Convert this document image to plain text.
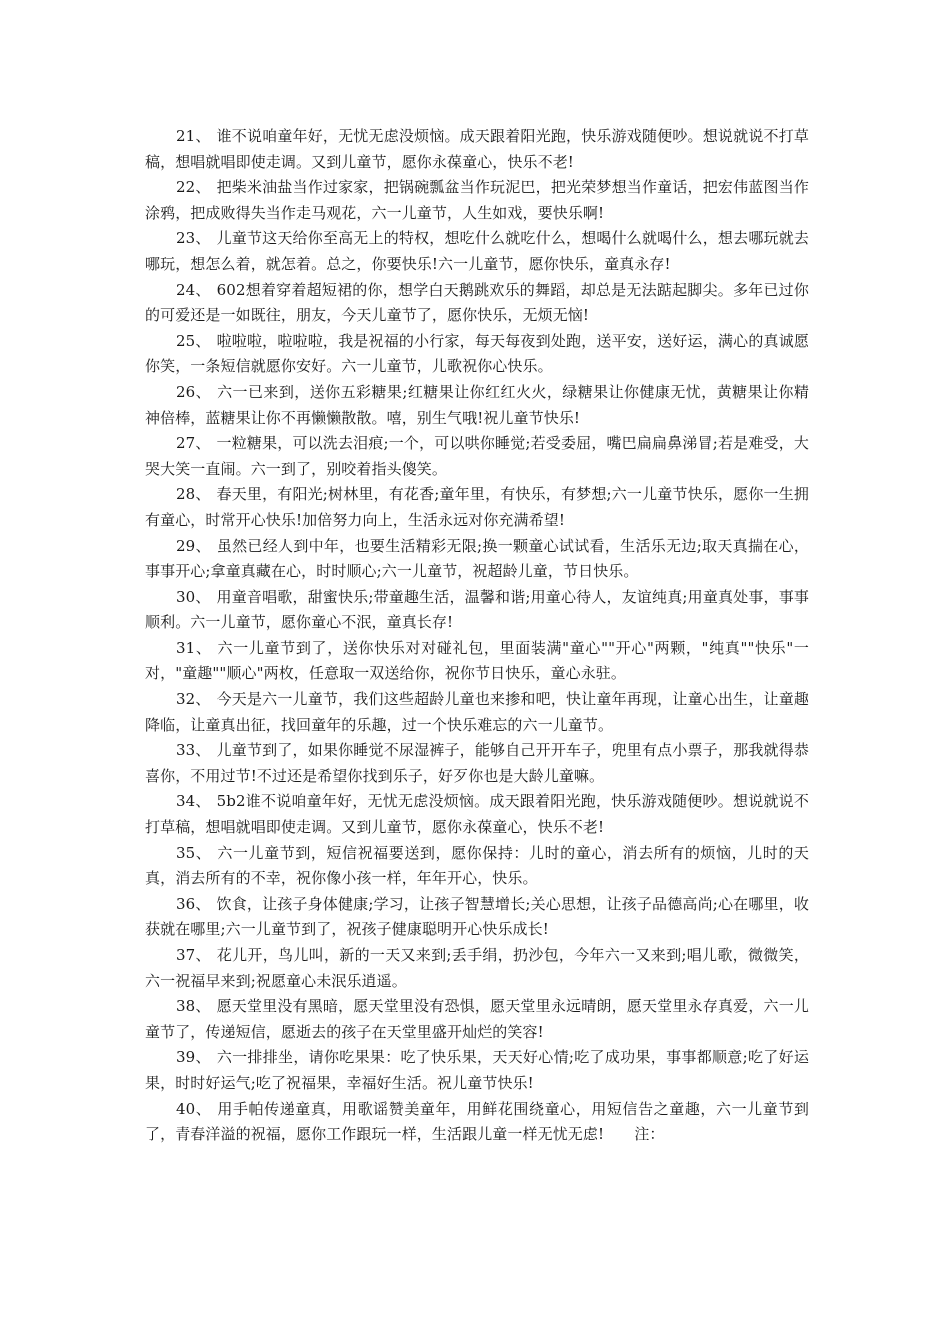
21、 谁不说咱童年好，无忧无虑没烦恼。成天跟着阳光跑，快乐游戏随便吵。想说就说不打草稿，想唱就唱即使走调。又到儿童节，愿你永葆童心，快乐不老!

22、 把柴米油盐当作过家家，把锅碗瓢盆当作玩泥巴，把光荣梦想当作童话，把宏伟蓝图当作涂鸦，把成败得失当作走马观花，六一儿童节，人生如戏，要快乐啊!

23、 儿童节这天给你至高无上的特权，想吃什么就吃什么，想喝什么就喝什么，想去哪玩就去哪玩，想怎么着，就怎着。总之，你要快乐!六一儿童节，愿你快乐，童真永存!

24、 602想着穿着超短裙的你，想学白天鹅跳欢乐的舞蹈，却总是无法踮起脚尖。多年已过你的可爱还是一如既往，朋友，今天儿童节了，愿你快乐，无烦无恼!

25、 啦啦啦，啦啦啦，我是祝福的小行家，每天每夜到处跑，送平安，送好运，满心的真诚愿你笑，一条短信就愿你安好。六一儿童节，儿歌祝你心快乐。

26、 六一已来到，送你五彩糖果;红糖果让你红红火火，绿糖果让你健康无忧，黄糖果让你精神倍棒，蓝糖果让你不再懒懒散散。嘻，别生气哦!祝儿童节快乐!

27、 一粒糖果，可以洗去泪痕;一个，可以哄你睡觉;若受委屈，嘴巴扁扁鼻涕冒;若是难受，大哭大笑一直闹。六一到了，别咬着指头傻笑。

28、 春天里，有阳光;树林里，有花香;童年里，有快乐，有梦想;六一儿童节快乐，愿你一生拥有童心，时常开心快乐!加倍努力向上，生活永远对你充满希望!

29、 虽然已经人到中年，也要生活精彩无限;换一颗童心试试看，生活乐无边;取天真揣在心，事事开心;拿童真藏在心，时时顺心;六一儿童节，祝超龄儿童，节日快乐。

30、 用童音唱歌，甜蜜快乐;带童趣生活，温馨和谐;用童心待人，友谊纯真;用童真处事，事事顺利。六一儿童节，愿你童心不泯，童真长存!

31、 六一儿童节到了，送你快乐对对碰礼包，里面装满"童心""开心"两颗，"纯真""快乐"一对，"童趣""顺心"两枚，任意取一双送给你，祝你节日快乐，童心永驻。

32、 今天是六一儿童节，我们这些超龄儿童也来掺和吧，快让童年再现，让童心出生，让童趣降临，让童真出征，找回童年的乐趣，过一个快乐难忘的六一儿童节。

33、 儿童节到了，如果你睡觉不尿湿裤子，能够自己开开车子，兜里有点小票子，那我就得恭喜你，不用过节!不过还是希望你找到乐子，好歹你也是大龄儿童嘛。

34、 5b2谁不说咱童年好，无忧无虑没烦恼。成天跟着阳光跑，快乐游戏随便吵。想说就说不打草稿，想唱就唱即使走调。又到儿童节，愿你永葆童心，快乐不老!

35、 六一儿童节到，短信祝福要送到，愿你保持：儿时的童心，消去所有的烦恼，儿时的天真，消去所有的不幸，祝你像小孩一样，年年开心，快乐。

36、 饮食，让孩子身体健康;学习，让孩子智慧增长;关心思想，让孩子品德高尚;心在哪里，收获就在哪里;六一儿童节到了，祝孩子健康聪明开心快乐成长!

37、 花儿开，鸟儿叫，新的一天又来到;丢手绢，扔沙包，今年六一又来到;唱儿歌，微微笑，六一祝福早来到;祝愿童心未泯乐逍遥。

38、 愿天堂里没有黑暗，愿天堂里没有恐惧，愿天堂里永远晴朗，愿天堂里永存真爱，六一儿童节了，传递短信，愿逝去的孩子在天堂里盛开灿烂的笑容!

39、 六一排排坐，请你吃果果：吃了快乐果，天天好心情;吃了成功果，事事都顺意;吃了好运果，时时好运气;吃了祝福果，幸福好生活。祝儿童节快乐!

40、 用手帕传递童真，用歌谣赞美童年，用鲜花围绕童心，用短信告之童趣，六一儿童节到了，青春洋溢的祝福，愿你工作跟玩一样，生活跟儿童一样无忧无虑!　　注：
